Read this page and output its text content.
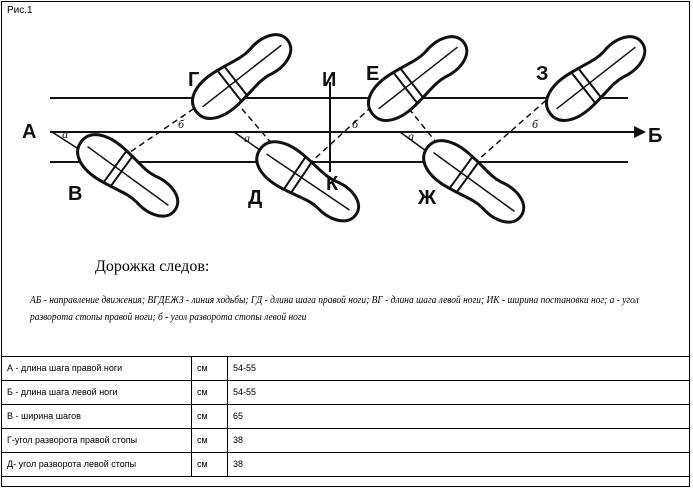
Рис.1
А	Б
В
Г
Д
Е
Ж
З
И
К
а	а	а
б	б	б
Дорожка следов:
АБ - направление движения; ВГДЕЖЗ - линия ходьбы; ГД - длина шага правой ноги; ВГ - длина шага левой ноги; ИК - ширина постановки ног; а - угол разворота стопы правой ноги; б - угол разворота стопы левой ноги
А - длина шага правой ноги	см	54-55
Б - длина шага левой ноги	см	54-55
В - ширина шагов	см	65
Г-угол разворота правой стопы	см	38
Д- угол разворота левой стопы	см	38
